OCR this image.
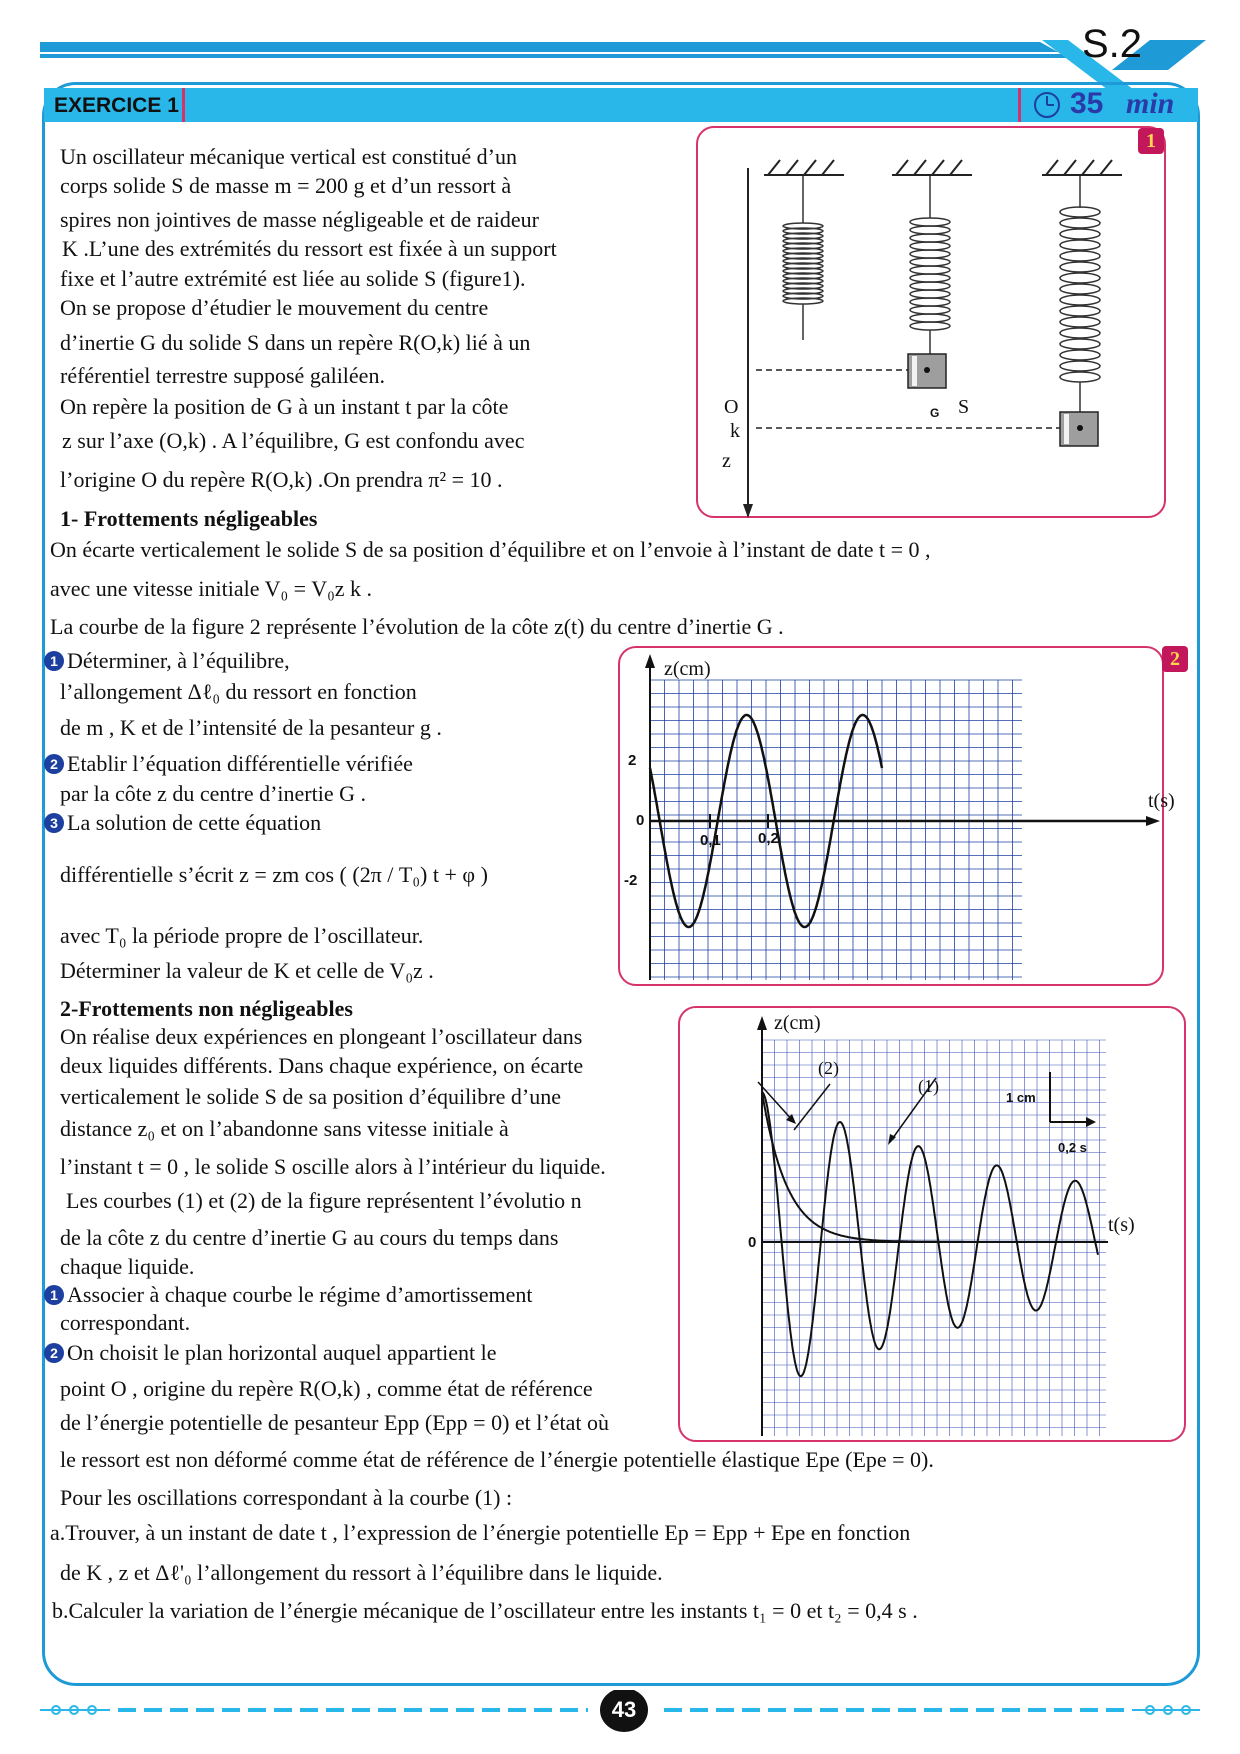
S.2
EXERCICE 1	35 min
Un oscillateur mécanique vertical est constitué d’un
corps solide S de masse m = 200 g et d’un ressort à
spires non jointives de masse négligeable et de raideur
K .L’une des extrémités du ressort est fixée à un support
fixe et l’autre extrémité est liée au solide S (figure1).
On se propose d’étudier le mouvement du centre
d’inertie G du solide S dans un repère R(O,k) lié à un
référentiel terrestre supposé galiléen.
On repère la position de G à un instant t par la côte
z sur l’axe (O,k) . A l’équilibre, G est confondu avec
l’origine O du repère R(O,k) .On prendra π² = 10 .
1
O
k
z
S
G
1- Frottements négligeables
On écarte verticalement le solide S de sa position d’équilibre et on l’envoie à l’instant de date t = 0 ,
avec une vitesse initiale V₀ = V₀z k .
La courbe de la figure 2 représente l’évolution de la côte z(t) du centre d’inertie G .
1 Déterminer, à l’équilibre,
l’allongement Δℓ₀ du ressort en fonction
de m , K et de l’intensité de la pesanteur g .
2 Etablir l’équation différentielle vérifiée
par la côte z du centre d’inertie G .
3 La solution de cette équation
différentielle s’écrit z = zm cos ( (2π / T₀) t + φ )
avec T₀ la période propre de l’oscillateur.
Déterminer la valeur de K et celle de V₀z .
2
z(cm)
t(s)
2
0
-2
0,1 0,2
2-Frottements non négligeables
On réalise deux expériences en plongeant l’oscillateur dans
deux liquides différents. Dans chaque expérience, on écarte
verticalement le solide S de sa position d’équilibre d’une
distance z₀ et on l’abandonne sans vitesse initiale à
l’instant t = 0 , le solide S oscille alors à l’intérieur du liquide.
Les courbes (1) et (2) de la figure représentent l’évolutio n
de la côte z du centre d’inertie G au cours du temps dans
chaque liquide.
1 Associer à chaque courbe le régime d’amortissement
correspondant.
2 On choisit le plan horizontal auquel appartient le
point O , origine du repère R(O,k) , comme état de référence
de l’énergie potentielle de pesanteur Epp (Epp = 0) et l’état où
le ressort est non déformé comme état de référence de l’énergie potentielle élastique Epe (Epe = 0).
Pour les oscillations correspondant à la courbe (1) :
a.Trouver, à un instant de date t , l’expression de l’énergie potentielle Ep = Epp + Epe en fonction
de K , z et Δℓ'₀ l’allongement du ressort à l’équilibre dans le liquide.
b.Calculer la variation de l’énergie mécanique de l’oscillateur entre les instants t₁ = 0 et t₂ = 0,4 s .
z(cm)
t(s)
0
(2)
(1)
1 cm
0,2 s
43
